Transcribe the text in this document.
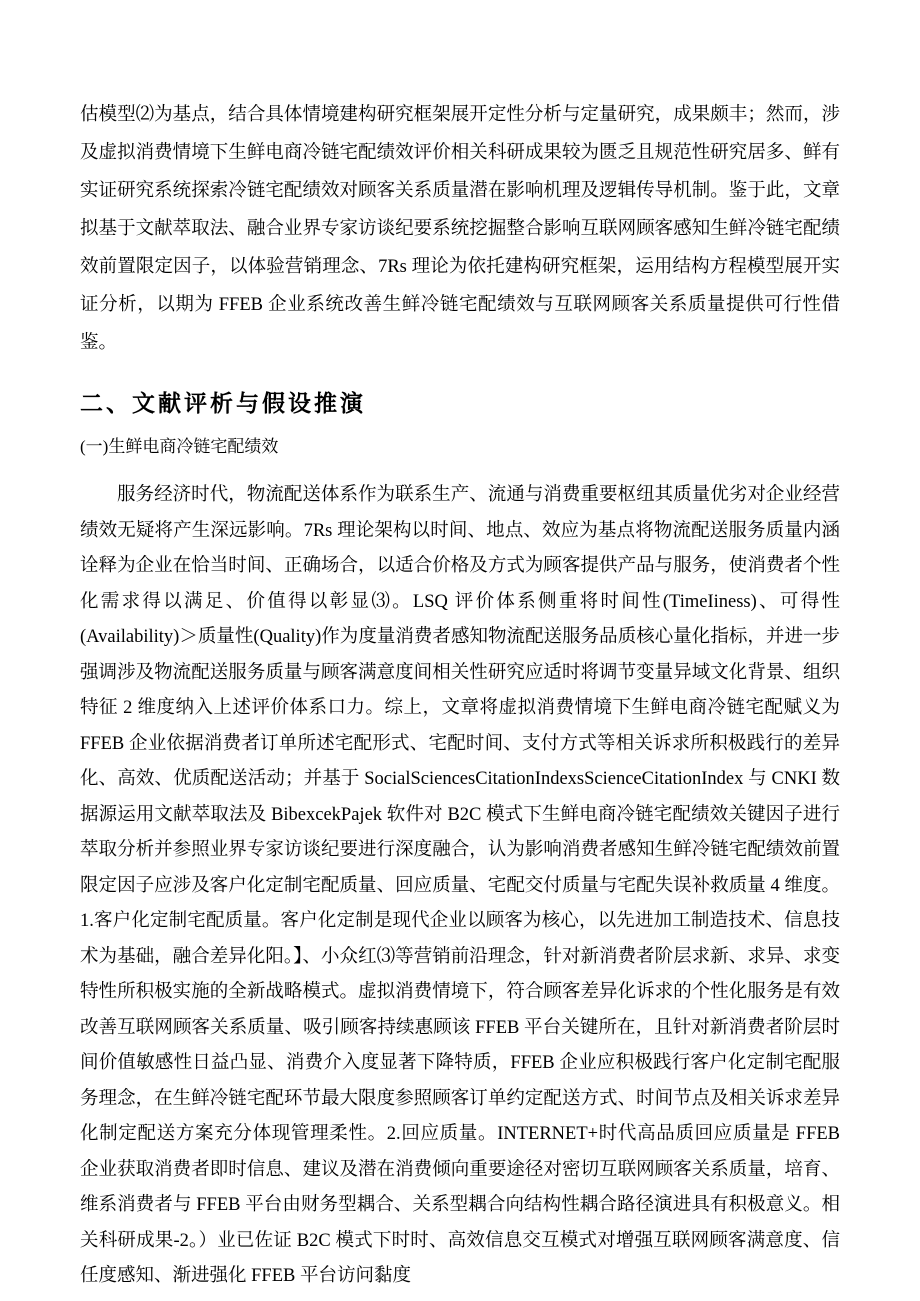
估模型⑵为基点，结合具体情境建构研究框架展开定性分析与定量研究，成果颇丰；然而，涉及虚拟消费情境下生鲜电商冷链宅配绩效评价相关科研成果较为匮乏且规范性研究居多、鲜有实证研究系统探索冷链宅配绩效对顾客关系质量潜在影响机理及逻辑传导机制。鉴于此，文章拟基于文献萃取法、融合业界专家访谈纪要系统挖掘整合影响互联网顾客感知生鲜冷链宅配绩效前置限定因子，以体验营销理念、7Rs 理论为依托建构研究框架，运用结构方程模型展开实证分析，以期为 FFEB 企业系统改善生鲜冷链宅配绩效与互联网顾客关系质量提供可行性借鉴。

二、文献评析与假设推演

(一)生鲜电商冷链宅配绩效

服务经济时代，物流配送体系作为联系生产、流通与消费重要枢纽其质量优劣对企业经营绩效无疑将产生深远影响。7Rs 理论架构以时间、地点、效应为基点将物流配送服务质量内涵诠释为企业在恰当时间、正确场合，以适合价格及方式为顾客提供产品与服务，使消费者个性化需求得以满足、价值得以彰显⑶。LSQ 评价体系侧重将时间性(TimeIiness)、可得性(Availability)＞质量性(Quality)作为度量消费者感知物流配送服务品质核心量化指标，并进一步强调涉及物流配送服务质量与顾客满意度间相关性研究应适时将调节变量异域文化背景、组织特征 2 维度纳入上述评价体系口力。综上，文章将虚拟消费情境下生鲜电商冷链宅配赋义为 FFEB 企业依据消费者订单所述宅配形式、宅配时间、支付方式等相关诉求所积极践行的差异化、高效、优质配送活动；并基于 SocialSciencesCitationIndexsScienceCitationIndex 与 CNKI 数据源运用文献萃取法及 BibexcekPajek 软件对 B2C 模式下生鲜电商冷链宅配绩效关键因子进行萃取分析并参照业界专家访谈纪要进行深度融合，认为影响消费者感知生鲜冷链宅配绩效前置限定因子应涉及客户化定制宅配质量、回应质量、宅配交付质量与宅配失误补救质量 4 维度。1.客户化定制宅配质量。客户化定制是现代企业以顾客为核心，以先进加工制造技术、信息技术为基础，融合差异化阳。】、小众红⑶等营销前沿理念，针对新消费者阶层求新、求异、求变特性所积极实施的全新战略模式。虚拟消费情境下，符合顾客差异化诉求的个性化服务是有效改善互联网顾客关系质量、吸引顾客持续惠顾该 FFEB 平台关键所在，且针对新消费者阶层时间价值敏感性日益凸显、消费介入度显著下降特质，FFEB 企业应积极践行客户化定制宅配服务理念，在生鲜冷链宅配环节最大限度参照顾客订单约定配送方式、时间节点及相关诉求差异化制定配送方案充分体现管理柔性。2.回应质量。INTERNET+时代高品质回应质量是 FFEB 企业获取消费者即时信息、建议及潜在消费倾向重要途径对密切互联网顾客关系质量，培育、维系消费者与 FFEB 平台由财务型耦合、关系型耦合向结构性耦合路径演进具有积极意义。相关科研成果-2。）业已佐证 B2C 模式下时时、高效信息交互模式对增强互联网顾客满意度、信任度感知、渐进强化 FFEB 平台访问黏度
